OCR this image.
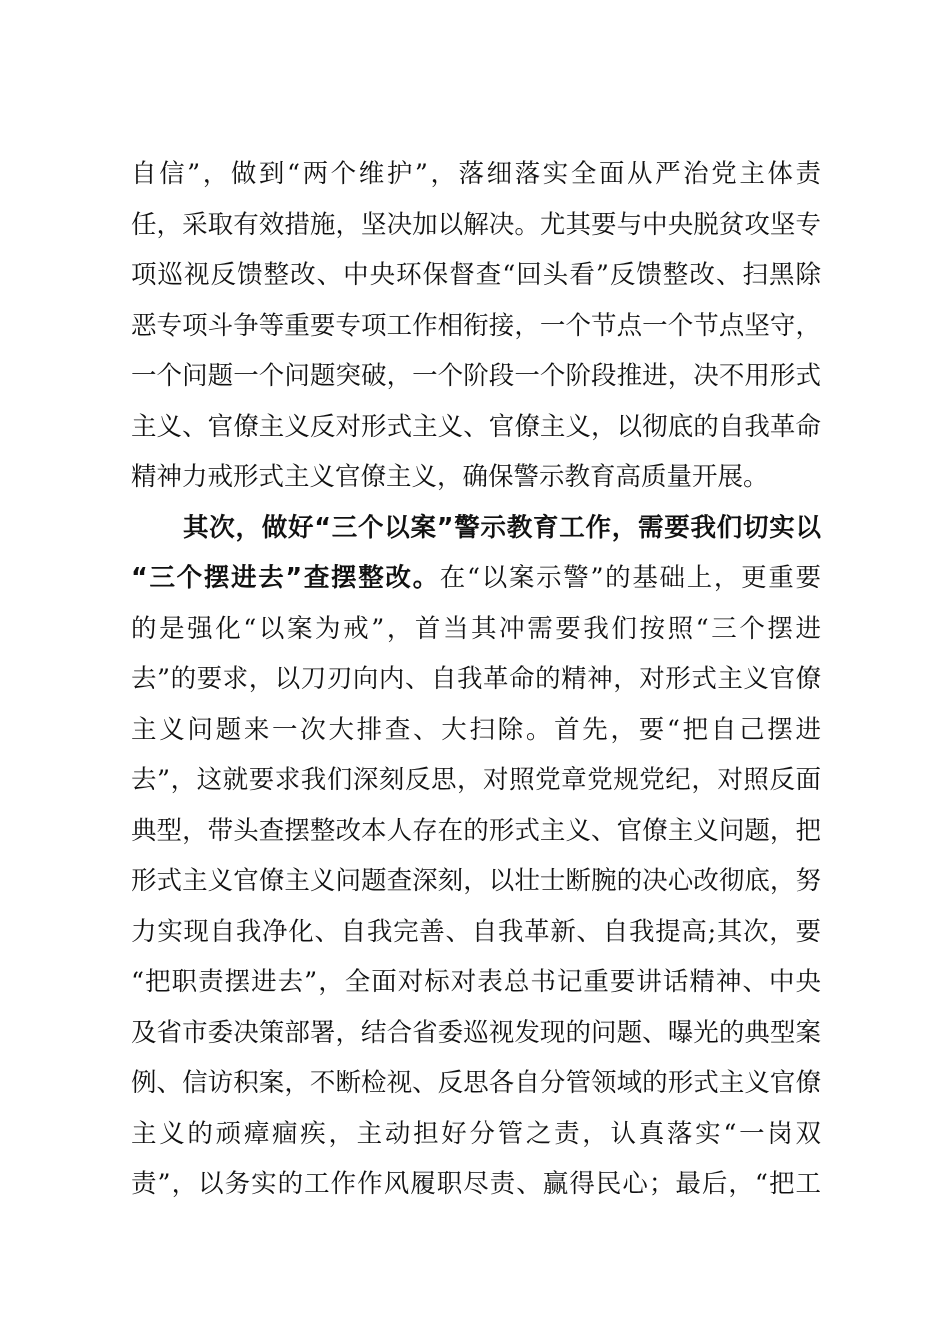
自信”，做到“两个维护”，落细落实全面从严治党主体责
任，采取有效措施，坚决加以解决。尤其要与中央脱贫攻坚专
项巡视反馈整改、中央环保督查“回头看”反馈整改、扫黑除
恶专项斗争等重要专项工作相衔接，一个节点一个节点坚守，
一个问题一个问题突破，一个阶段一个阶段推进，决不用形式
主义、官僚主义反对形式主义、官僚主义，以彻底的自我革命
精神力戒形式主义官僚主义，确保警示教育高质量开展。
其次，做好“三个以案”警示教育工作，需要我们切实以
“三个摆进去”查摆整改。在“以案示警”的基础上，更重要
的是强化“以案为戒”，首当其冲需要我们按照“三个摆进
去”的要求，以刀刃向内、自我革命的精神，对形式主义官僚
主义问题来一次大排查、大扫除。首先，要“把自己摆进
去”，这就要求我们深刻反思，对照党章党规党纪，对照反面
典型，带头查摆整改本人存在的形式主义、官僚主义问题，把
形式主义官僚主义问题查深刻，以壮士断腕的决心改彻底，努
力实现自我净化、自我完善、自我革新、自我提高;其次，要
“把职责摆进去”，全面对标对表总书记重要讲话精神、中央
及省市委决策部署，结合省委巡视发现的问题、曝光的典型案
例、信访积案，不断检视、反思各自分管领域的形式主义官僚
主义的顽瘴痼疾，主动担好分管之责，认真落实“一岗双
责”，以务实的工作作风履职尽责、赢得民心；最后，“把工
